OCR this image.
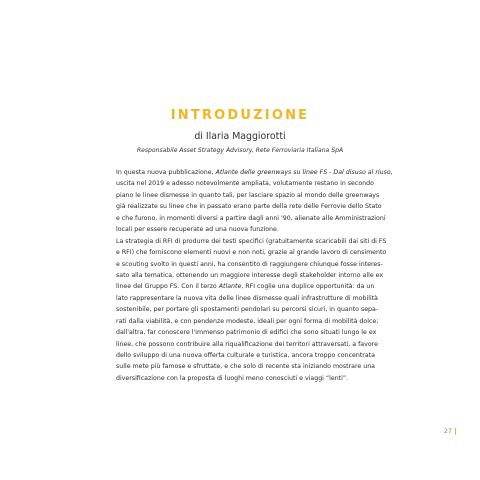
INTRODUZIONE

di Ilaria Maggiorotti

Responsabile Asset Strategy Advisory, Rete Ferroviaria Italiana SpA

In questa nuova pubblicazione, Atlante delle greenways su linee FS - Dal disuso al riuso,
uscita nel 2019 e adesso notevolmente ampliata, volutamente restano in secondo
piano le linee dismesse in quanto tali, per lasciare spazio al mondo delle greenways
già realizzate su linee che in passato erano parte della rete delle Ferrovie dello Stato
e che furono, in momenti diversi a partire dagli anni '90, alienate alle Amministrazioni
locali per essere recuperate ad una nuova funzione.
La strategia di RFI di produrre dei testi specifici (gratuitamente scaricabili dai siti di FS
e RFI) che forniscono elementi nuovi e non noti, grazie al grande lavoro di censimento
e scouting svolto in questi anni, ha consentito di raggiungere chiunque fosse interes-
sato alla tematica, ottenendo un maggiore interesse degli stakeholder intorno alle ex
linee del Gruppo FS. Con il terzo Atlante, RFI coglie una duplice opportunità: da un
lato rappresentare la nuova vita delle linee dismesse quali infrastrutture di mobilità
sostenibile, per portare gli spostamenti pendolari su percorsi sicuri, in quanto sepa-
rati dalla viabilità, e con pendenze modeste, ideali per ogni forma di mobilità dolce;
dall'altra, far conoscere l'immenso patrimonio di edifici che sono situati lungo le ex
linee, che possono contribuire alla riqualificazione dei territori attraversati, a favore
dello sviluppo di una nuova offerta culturale e turistica, ancora troppo concentrata
sulle mete più famose e sfruttate, e che solo di recente sta iniziando mostrare una
diversificazione con la proposta di luoghi meno conosciuti e viaggi “lenti”.
27
